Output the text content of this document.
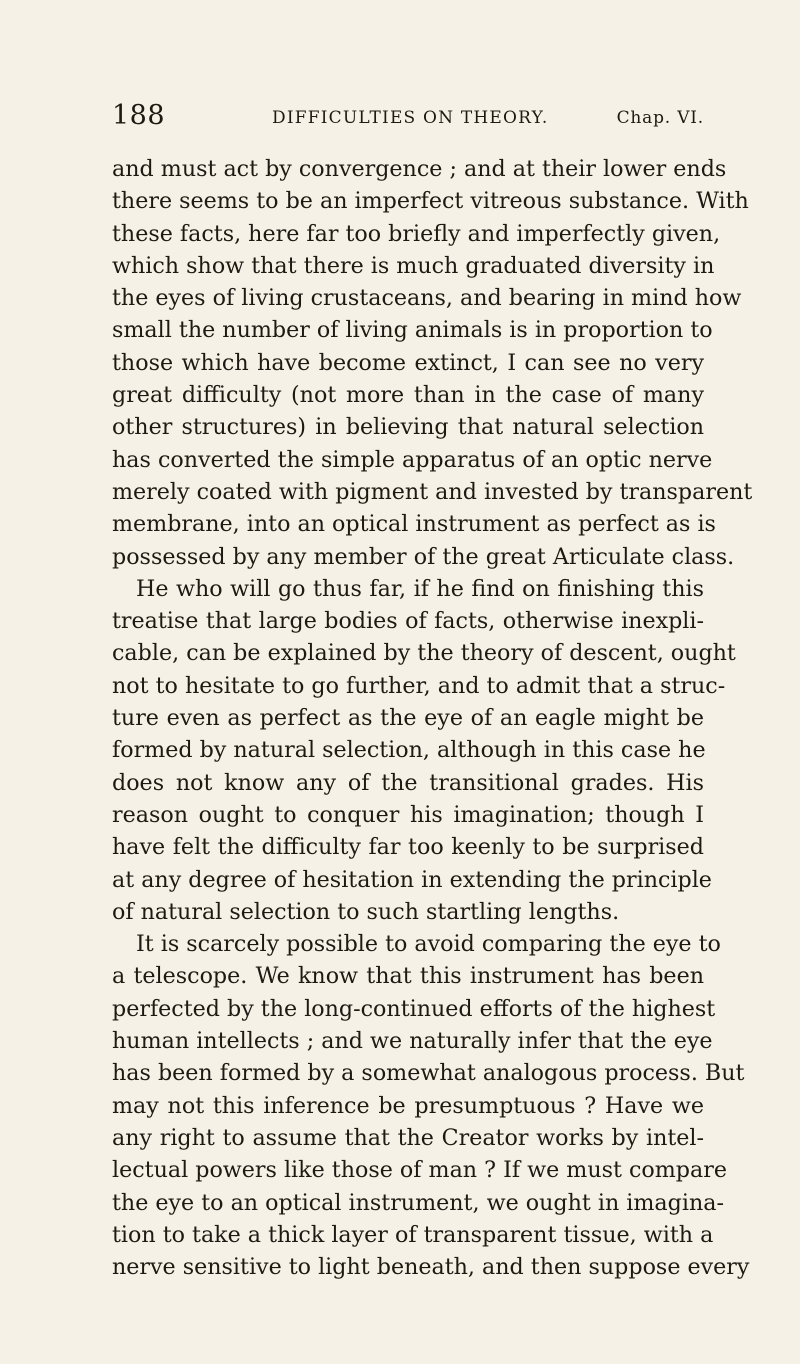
188	DIFFICULTIES ON THEORY.	Chap. VI.
and must act by convergence ; and at their lower ends
there seems to be an imperfect vitreous substance. With
these facts, here far too briefly and imperfectly given,
which show that there is much graduated diversity in
the eyes of living crustaceans, and bearing in mind how
small the number of living animals is in proportion to
those which have become extinct, I can see no very
great difficulty (not more than in the case of many
other structures) in believing that natural selection
has converted the simple apparatus of an optic nerve
merely coated with pigment and invested by transparent
membrane, into an optical instrument as perfect as is
possessed by any member of the great Articulate class.
He who will go thus far, if he find on finishing this
treatise that large bodies of facts, otherwise inexpli-
cable, can be explained by the theory of descent, ought
not to hesitate to go further, and to admit that a struc-
ture even as perfect as the eye of an eagle might be
formed by natural selection, although in this case he
does not know any of the transitional grades. His
reason ought to conquer his imagination; though I
have felt the difficulty far too keenly to be surprised
at any degree of hesitation in extending the principle
of natural selection to such startling lengths.
It is scarcely possible to avoid comparing the eye to
a telescope. We know that this instrument has been
perfected by the long-continued efforts of the highest
human intellects ; and we naturally infer that the eye
has been formed by a somewhat analogous process. But
may not this inference be presumptuous ? Have we
any right to assume that the Creator works by intel-
lectual powers like those of man ? If we must compare
the eye to an optical instrument, we ought in imagina-
tion to take a thick layer of transparent tissue, with a
nerve sensitive to light beneath, and then suppose every
